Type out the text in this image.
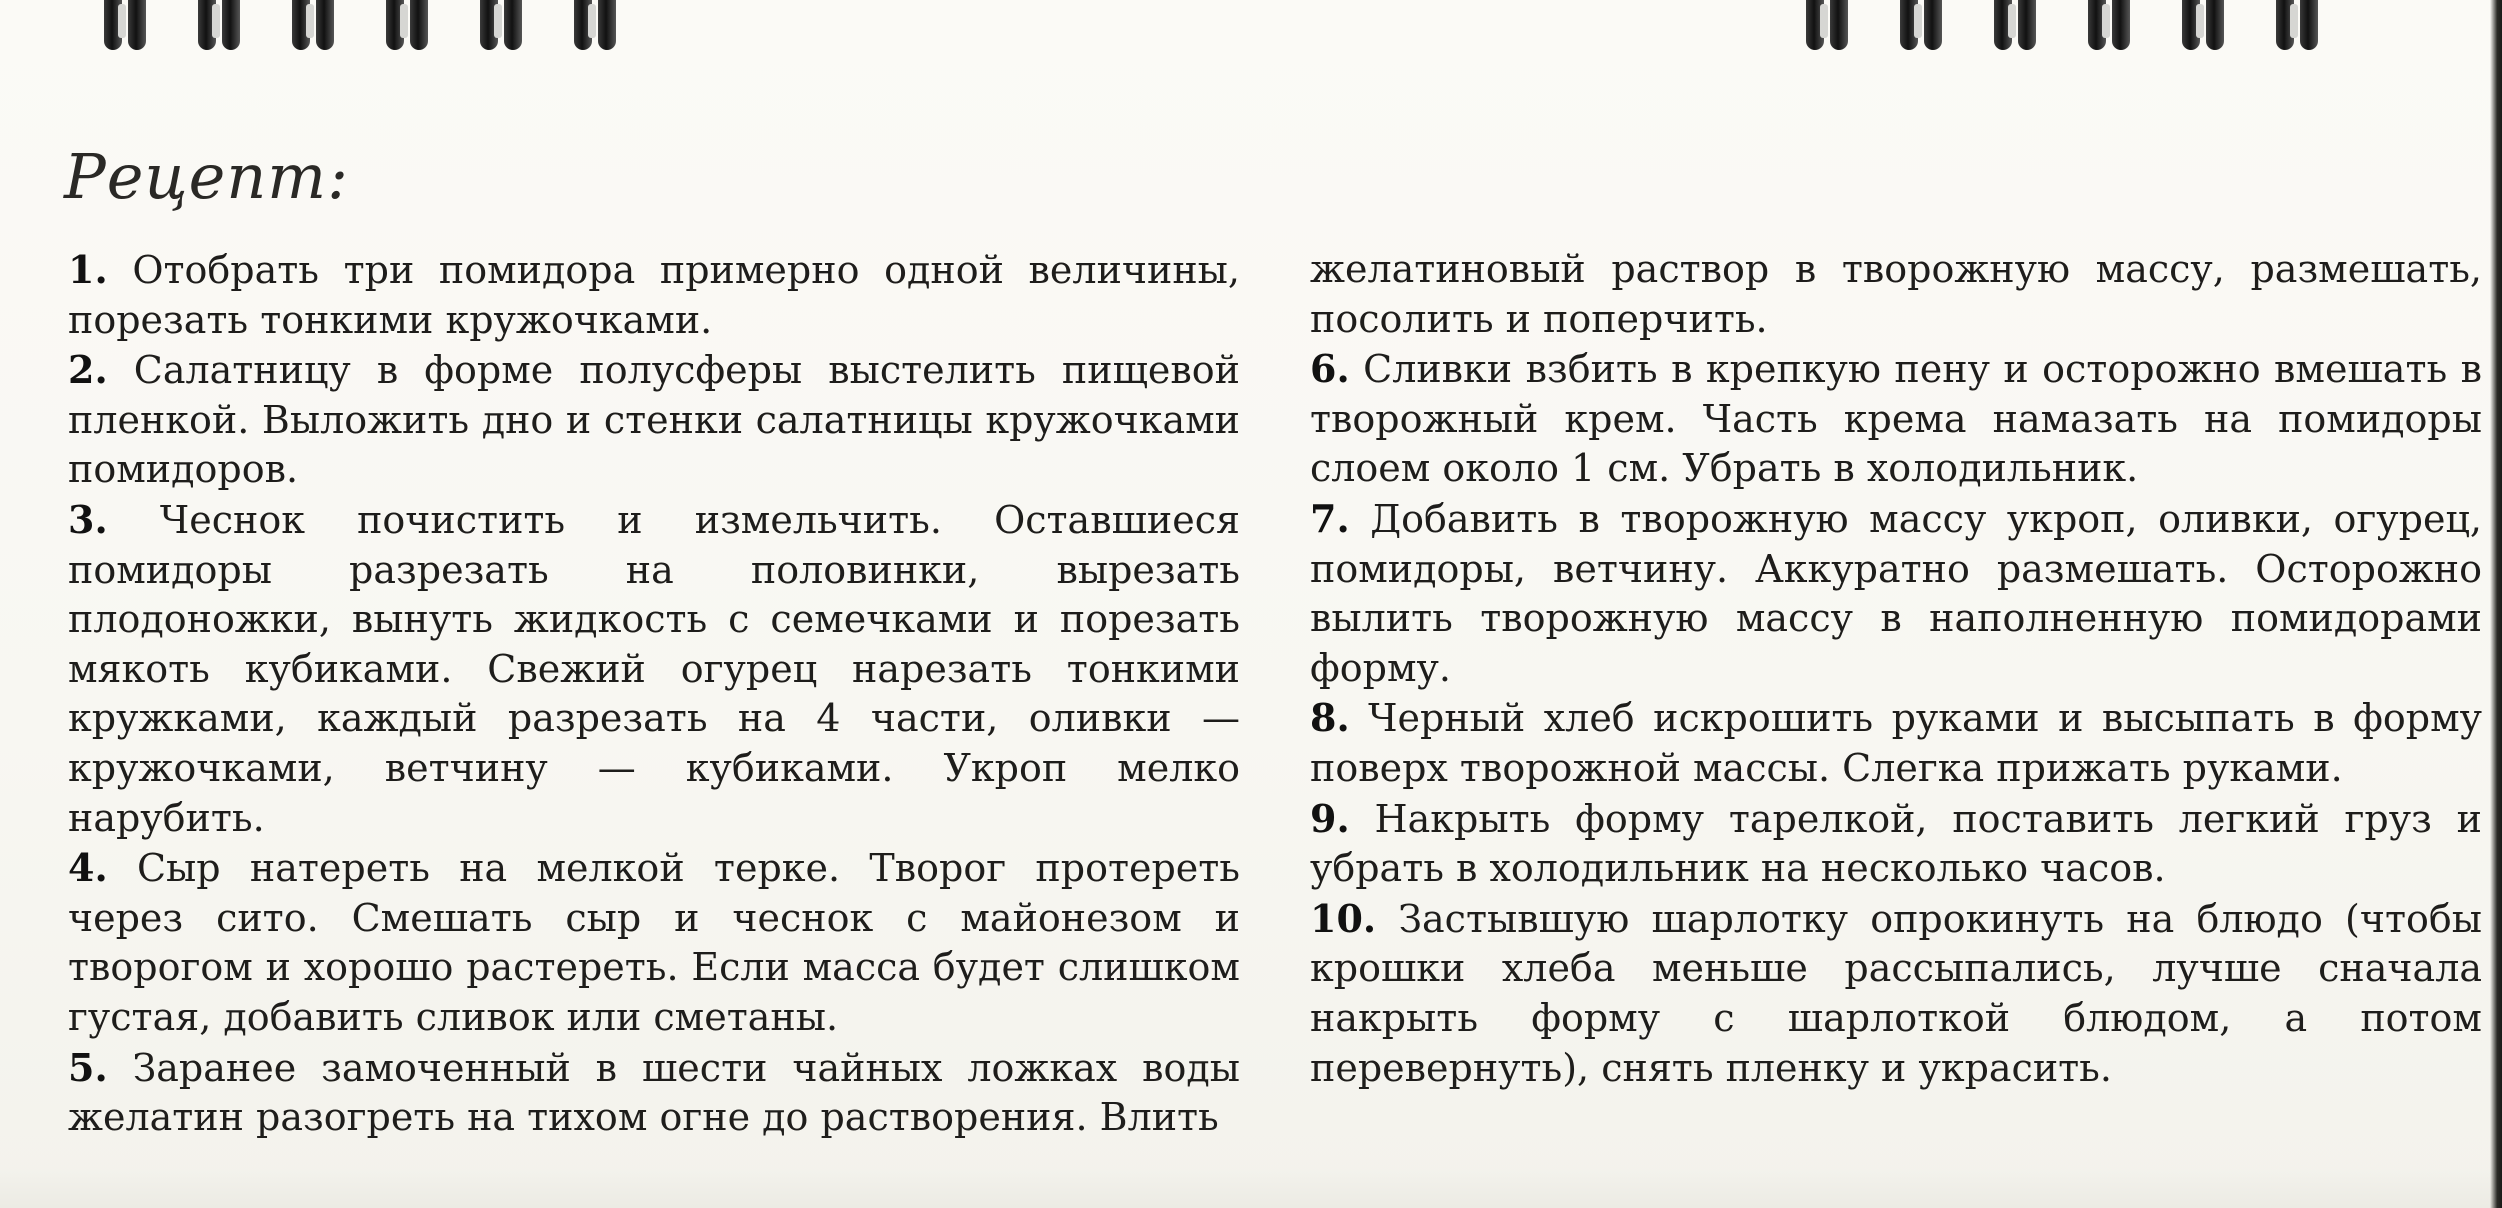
Рецепт:

1. Отобрать три помидора примерно одной величины, порезать тонкими кружочками.

2. Салатницу в форме полусферы выстелить пищевой пленкой. Выложить дно и стенки салатницы кружочками помидоров.

3. Чеснок почистить и измельчить. Оставшиеся помидоры разрезать на половинки, вырезать плодоножки, вынуть жидкость с семечками и порезать мякоть кубиками. Свежий огурец нарезать тонкими кружками, каждый разрезать на 4 части, оливки — кружочками, ветчину — кубиками. Укроп мелко нарубить.

4. Сыр натереть на мелкой терке. Творог протереть через сито. Смешать сыр и чеснок с майонезом и творогом и хорошо растереть. Если масса будет слишком густая, добавить сливок или сметаны.

5. Заранее замоченный в шести чайных ложках воды желатин разогреть на тихом огне до растворения. Влить

желатиновый раствор в творожную массу, размешать, посолить и поперчить.

6. Сливки взбить в крепкую пену и осторожно вмешать в творожный крем. Часть крема намазать на помидоры слоем около 1 см. Убрать в холодильник.

7. Добавить в творожную массу укроп, оливки, огурец, помидоры, ветчину. Аккуратно размешать. Осторожно вылить творожную массу в наполненную помидорами форму.

8. Черный хлеб искрошить руками и высыпать в форму поверх творожной массы. Слегка прижать руками.

9. Накрыть форму тарелкой, поставить легкий груз и убрать в холодильник на несколько часов.

10. Застывшую шарлотку опрокинуть на блюдо (чтобы крошки хлеба меньше рассыпались, лучше сначала накрыть форму с шарлоткой блюдом, а потом перевернуть), снять пленку и украсить.
